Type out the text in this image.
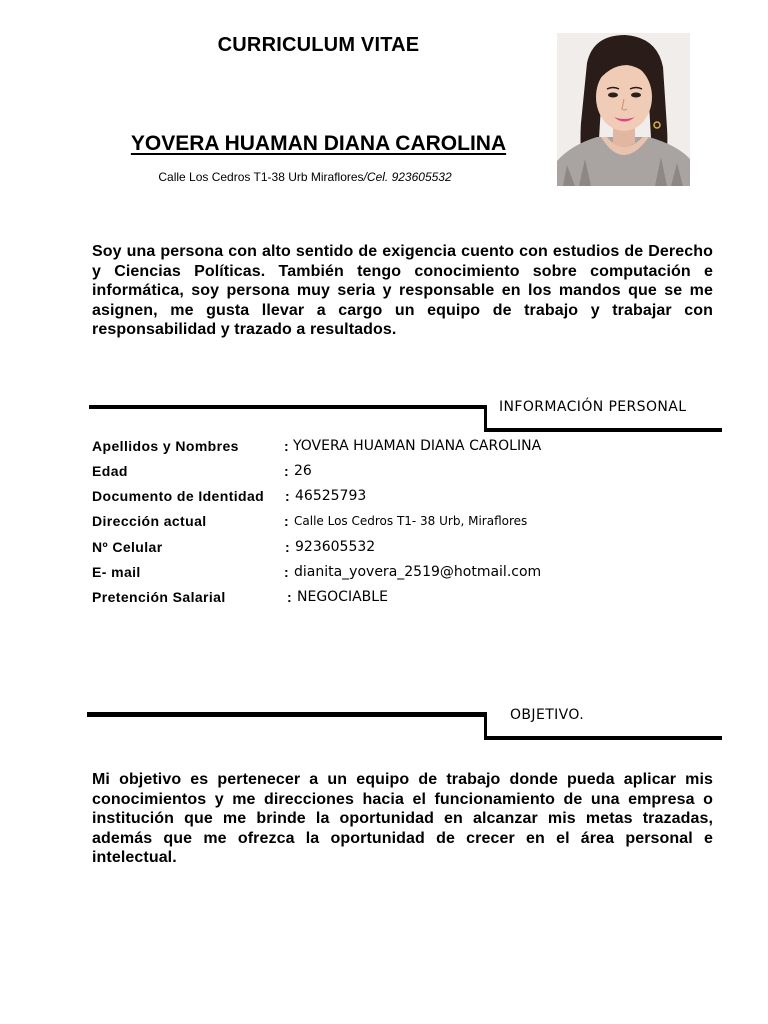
CURRICULUM VITAE
YOVERA HUAMAN DIANA CAROLINA
Calle Los Cedros T1-38 Urb Miraflores/Cel. 923605532
Soy una persona con alto sentido de exigencia cuento con estudios de Derecho y Ciencias Políticas. También tengo conocimiento sobre computación e informática, soy persona muy seria y responsable en los mandos que se me asignen, me gusta llevar a cargo un equipo de trabajo y trabajar con responsabilidad y trazado a resultados.
INFORMACIÓN PERSONAL
Apellidos y Nombres	: YOVERA HUAMAN DIANA CAROLINA
Edad	: 26
Documento de Identidad : 46525793
Dirección actual	: Calle Los Cedros T1- 38 Urb, Miraflores
Nº Celular	: 923605532
E- mail	: dianita_yovera_2519@hotmail.com
Pretención Salarial	: NEGOCIABLE
OBJETIVO.
Mi objetivo es pertenecer a un equipo de trabajo donde pueda aplicar mis conocimientos y me direcciones hacia el funcionamiento de una empresa o institución que me brinde la oportunidad en alcanzar mis metas trazadas, además que me ofrezca la oportunidad de crecer en el área personal e intelectual.
